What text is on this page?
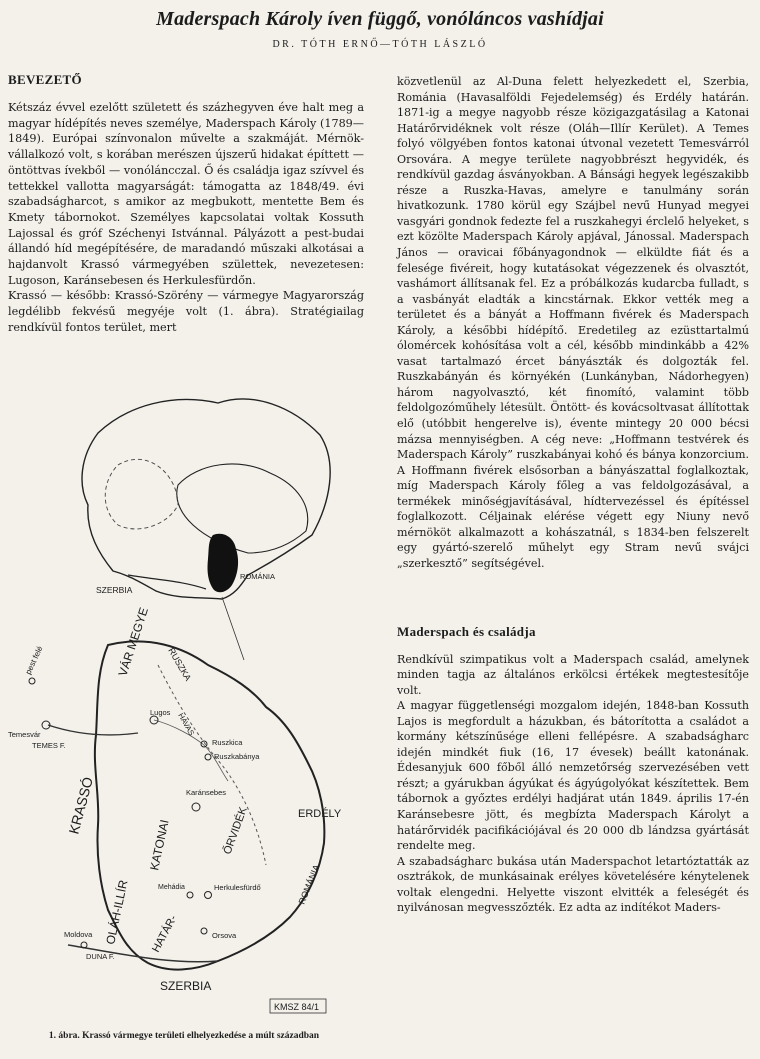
Maderspach Károly íven függő, vonóláncos vashídjai
DR. TÓTH ERNŐ—TÓTH LÁSZLÓ
BEVEZETŐ

Kétszáz évvel ezelőtt született és százhegyven éve halt meg a magyar hídépítés neves személye, Maderspach Károly (1789—1849). Európai színvonalon művelte a szakmáját. Mérnök-vállalkozó volt, s korában merészen újszerű hidakat építtett — öntöttvas ívekből — vonóláncczal. Ő és családja igaz szívvel és tettekkel vallotta magyarságát: támogatta az 1848/49. évi szabadságharcot, s amikor az megbukott, mentette Bem és Kmety tábornokot. Személyes kapcsolatai voltak Kossuth Lajossal és gróf Széchenyi Istvánnal. Pályázott a pest-budai állandó híd megépítésére, de maradandó műszaki alkotásai a hajdanvolt Krassó vármegyében születtek, nevezetesen: Lugoson, Karánsebesen és Herkulesfürdőn.

Krassó — később: Krassó-Szörény — vármegye Magyarország legdélibb fekvésű megyéje volt (1. ábra). Stratégiailag rendkívül fontos terület, mert

SZERBIA
ROMÁNIA
pest felé
Temesvár
TEMES F.
Lugos
RUSZKA
HAVAS
VÁR MEGYE
Ruszkica
Ruszkabánya
KRASSÓ	Karánsebes
KATONAI	ŐRVIDÉK	ERDÉLY
OLÁH-ILLÍR HATÁR-
Mehádia	Herkulesfürdő
Orsova
Moldova
DUNA F.
ROMÁNIA
SZERBIA
KMSZ 84/1
1. ábra. Krassó vármegye területi elhelyezkedése a múlt században

közvetlenül az Al-Duna felett helyezkedett el, Szerbia, Románia (Havasalföldi Fejedelemség) és Erdély határán. 1871-ig a megye nagyobb része közigazgatásilag a Katonai Határőrvidéknek volt része (Oláh—Illír Kerület). A Temes folyó völgyében fontos katonai útvonal vezetett Temesvárról Orsovára. A megye területe nagyobbrészt hegyvidék, és rendkívül gazdag ásványokban. A Bánsági hegyek legészakibb része a Ruszka-Havas, amelyre e tanulmány során hivatkozunk. 1780 körül egy Szájbel nevű Hunyad megyei vasgyári gondnok fedezte fel a ruszkahegyi érclelő helyeket, s ezt közölte Maderspach Károly apjával, Jánossal. Maderspach János — oravicai főbányagondnok — elküldte fiát és a felesége fivéreit, hogy kutatásokat végezzenek és olvasztót, vashámort állítsanak fel. Ez a próbálkozás kudarcba fulladt, s a vasbányát eladták a kincstárnak. Ekkor vették meg a területet és a bányát a Hoffmann fivérek és Maderspach Károly, a későbbi hídépítő. Eredetileg az ezüsttartalmú ólomércek kohósítása volt a cél, később mindinkább a 42% vasat tartalmazó ércet bányászták és dolgozták fel. Ruszkabányán és környékén (Lunkányban, Nádorhegyen) három nagyolvasztó, két finomító, valamint több feldolgozóműhely létesült. Öntött- és kovácsoltvasat állítottak elő (utóbbit hengerelve is), évente mintegy 20 000 bécsi mázsa mennyiségben. A cég neve: „Hoffmann testvérek és Maderspach Károly” ruszkabányai kohó és bánya konzorcium. A Hoffmann fivérek elsősorban a bányászattal foglalkoztak, míg Maderspach Károly főleg a vas feldolgozásával, a termékek minőségjavításával, hídtervezéssel és építéssel foglalkozott. Céljainak elérése végett egy Niuny nevő mérnököt alkalmazott a kohászatnál, s 1834-ben felszerelt egy gyártó-szerelő műhelyt egy Stram nevű svájci „szerkesztő” segítségével.

Maderspach és családja

Rendkívül szimpatikus volt a Maderspach család, amelynek minden tagja az általános erkölcsi értékek megtestesítője volt.

A magyar függetlenségi mozgalom idején, 1848-ban Kossuth Lajos is megfordult a házukban, és bátorította a családot a kormány kétszínűsége elleni fellépésre. A szabadságharc idején mindkét fiuk (16, 17 évesek) beállt katonának. Édesanyjuk 600 főből álló nemzetőrség szervezésében vett részt; a gyárukban ágyúkat és ágyúgolyókat készítettek. Bem tábornok a győztes erdélyi hadjárat után 1849. április 17-én Karánsebesre jött, és megbízta Maderspach Károlyt a határőrvidék pacifikációjával és 20 000 db lándzsa gyártását rendelte meg.

A szabadságharc bukása után Maderspachot letartóztatták az osztrákok, de munkásainak erélyes követelésére kénytelenek voltak elengedni. Helyette viszont elvitték a feleségét és nyilvánosan megvesszőzték. Ez adta az indítékot Maders-
